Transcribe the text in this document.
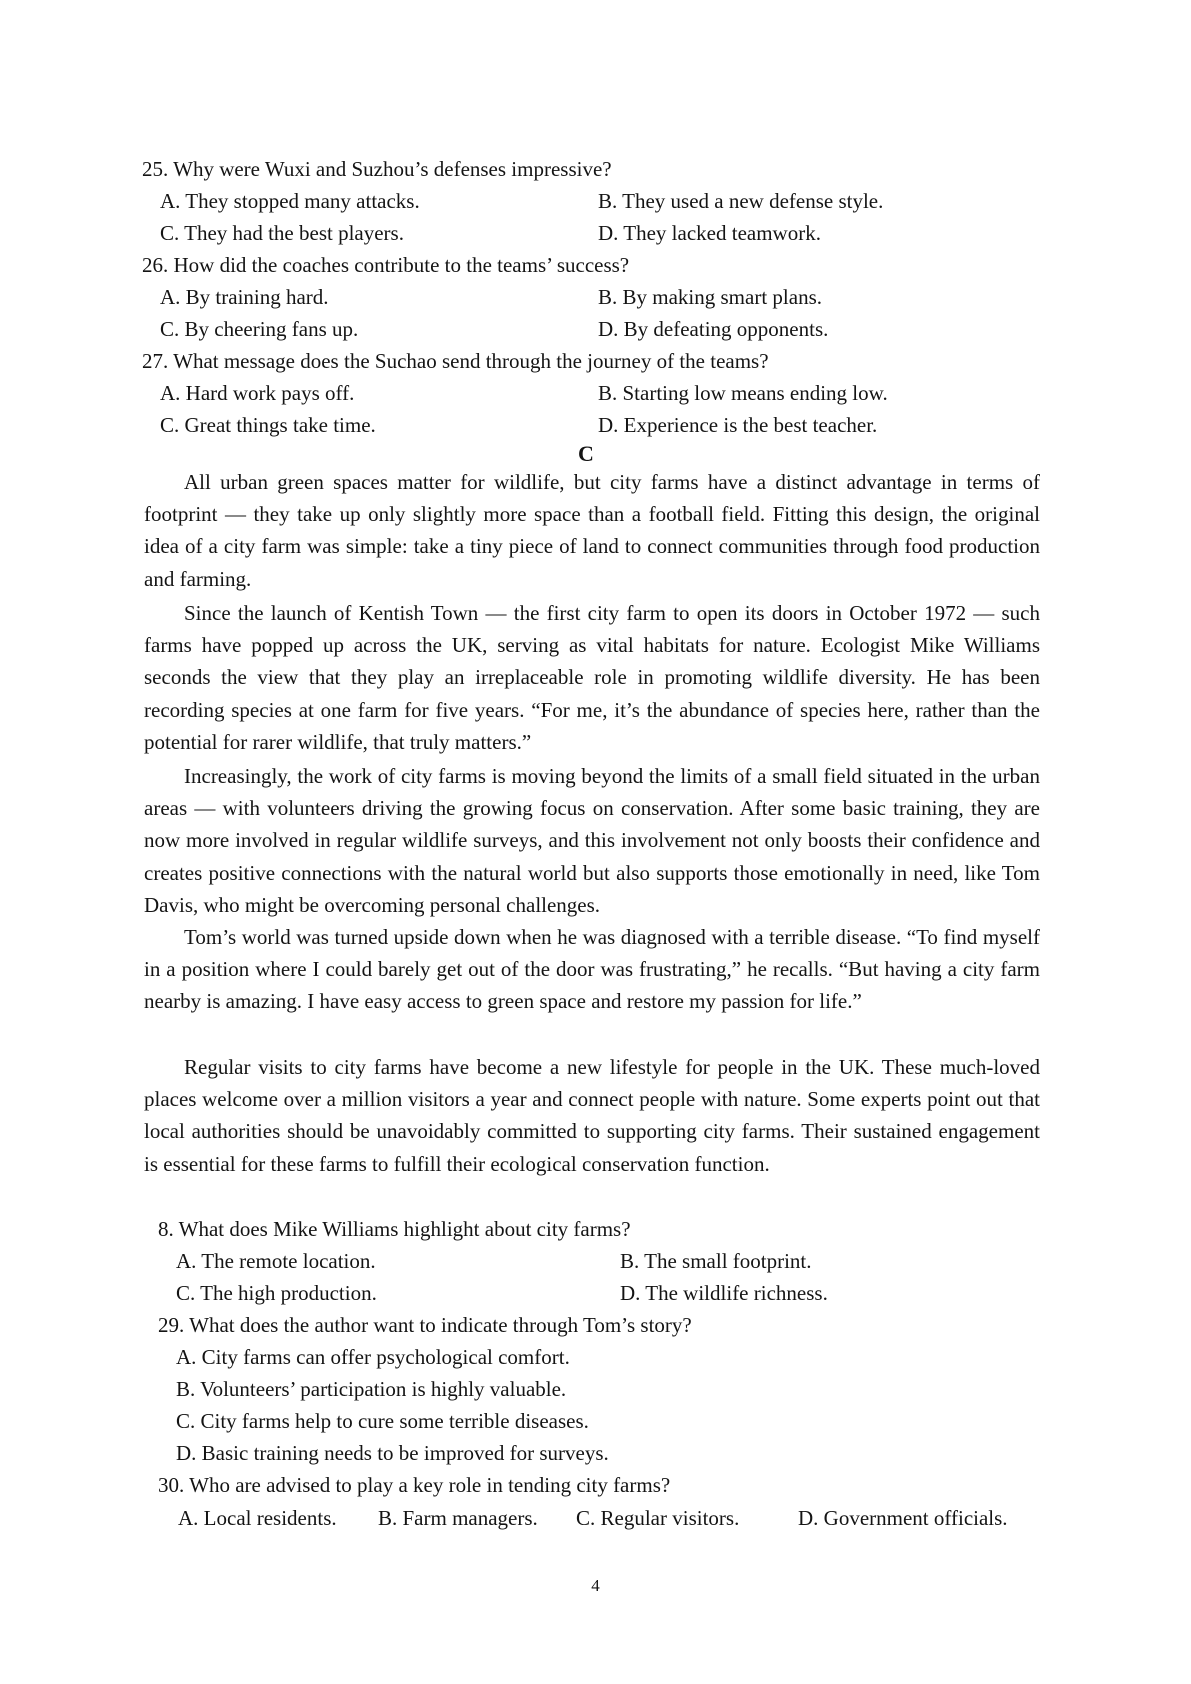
25. Why were Wuxi and Suzhou’s defenses impressive?

A. They stopped many attacks.	B. They used a new defense style.

C. They had the best players.	D. They lacked teamwork.

26. How did the coaches contribute to the teams’ success?

A. By training hard.	B. By making smart plans.

C. By cheering fans up.	D. By defeating opponents.

27. What message does the Suchao send through the journey of the teams?

A. Hard work pays off.	B. Starting low means ending low.

C. Great things take time.	D. Experience is the best teacher.

C

All urban green spaces matter for wildlife, but city farms have a distinct advantage in terms of footprint — they take up only slightly more space than a football field. Fitting this design, the original idea of a city farm was simple: take a tiny piece of land to connect communities through food production and farming.

Since the launch of Kentish Town — the first city farm to open its doors in October 1972 — such farms have popped up across the UK, serving as vital habitats for nature. Ecologist Mike Williams seconds the view that they play an irreplaceable role in promoting wildlife diversity. He has been recording species at one farm for five years. “For me, it’s the abundance of species here, rather than the potential for rarer wildlife, that truly matters.”

Increasingly, the work of city farms is moving beyond the limits of a small field situated in the urban areas — with volunteers driving the growing focus on conservation. After some basic training, they are now more involved in regular wildlife surveys, and this involvement not only boosts their confidence and creates positive connections with the natural world but also supports those emotionally in need, like Tom Davis, who might be overcoming personal challenges.

Tom’s world was turned upside down when he was diagnosed with a terrible disease. “To find myself in a position where I could barely get out of the door was frustrating,” he recalls. “But having a city farm nearby is amazing. I have easy access to green space and restore my passion for life.”

Regular visits to city farms have become a new lifestyle for people in the UK. These much-loved places welcome over a million visitors a year and connect people with nature. Some experts point out that local authorities should be unavoidably committed to supporting city farms. Their sustained engagement is essential for these farms to fulfill their ecological conservation function.

8. What does Mike Williams highlight about city farms?

A. The remote location.	B. The small footprint.

C. The high production.	D. The wildlife richness.

29. What does the author want to indicate through Tom’s story?

A. City farms can offer psychological comfort.

B. Volunteers’ participation is highly valuable.

C. City farms help to cure some terrible diseases.

D. Basic training needs to be improved for surveys.

30. Who are advised to play a key role in tending city farms?

A. Local residents. B. Farm managers. C. Regular visitors.	D. Government officials.

4
